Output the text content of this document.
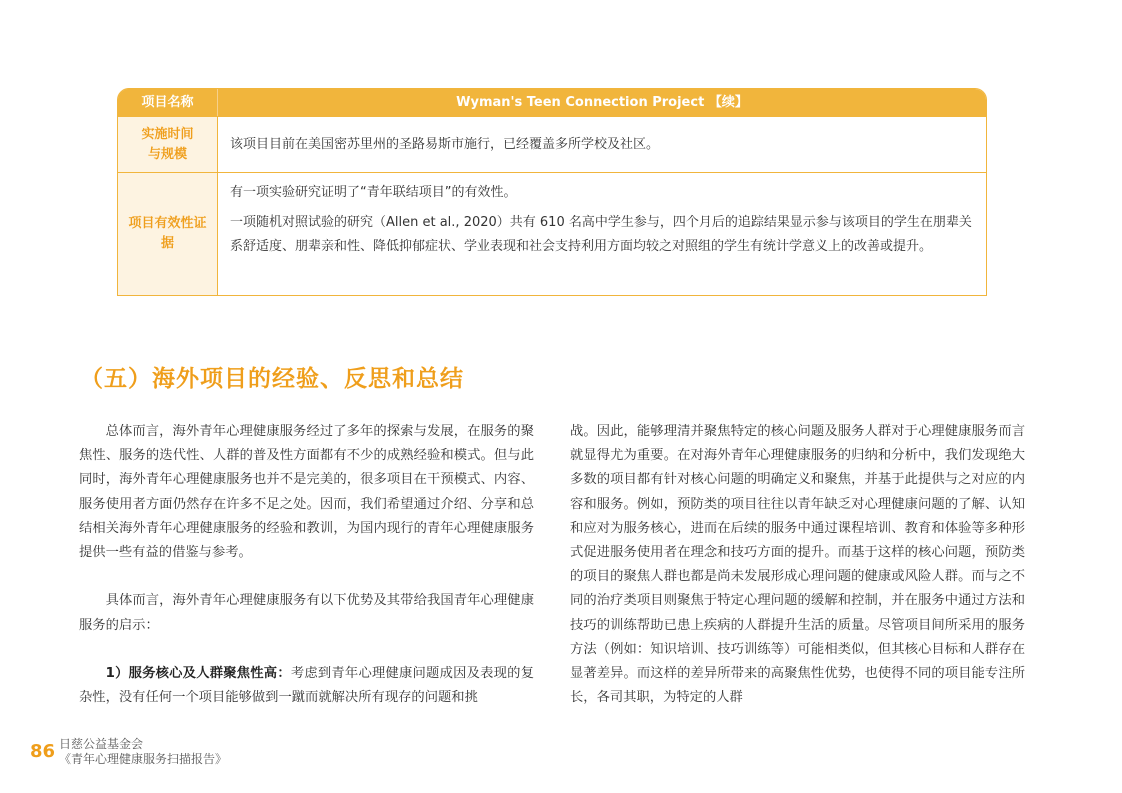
项目名称	Wyman's Teen Connection Project 【续】
实施时间与规模
该项目目前在美国密苏里州的圣路易斯市施行，已经覆盖多所学校及社区。
项目有效性证据

有一项实验研究证明了“青年联结项目”的有效性。

一项随机对照试验的研究（Allen et al., 2020）共有 610 名高中学生参与，四个月后的追踪结果显示参与该项目的学生在朋辈关系舒适度、朋辈亲和性、降低抑郁症状、学业表现和社会支持利用方面均较之对照组的学生有统计学意义上的改善或提升。

（五）海外项目的经验、反思和总结

总体而言，海外青年心理健康服务经过了多年的探索与发展，在服务的聚焦性、服务的迭代性、人群的普及性方面都有不少的成熟经验和模式。但与此同时，海外青年心理健康服务也并不是完美的，很多项目在干预模式、内容、服务使用者方面仍然存在许多不足之处。因而，我们希望通过介绍、分享和总结相关海外青年心理健康服务的经验和教训，为国内现行的青年心理健康服务提供一些有益的借鉴与参考。

具体而言，海外青年心理健康服务有以下优势及其带给我国青年心理健康服务的启示：

1）服务核心及人群聚焦性高：考虑到青年心理健康问题成因及表现的复杂性，没有任何一个项目能够做到一蹴而就解决所有现存的问题和挑

战。因此，能够理清并聚焦特定的核心问题及服务人群对于心理健康服务而言就显得尤为重要。在对海外青年心理健康服务的归纳和分析中，我们发现绝大多数的项目都有针对核心问题的明确定义和聚焦，并基于此提供与之对应的内容和服务。例如，预防类的项目往往以青年缺乏对心理健康问题的了解、认知和应对为服务核心，进而在后续的服务中通过课程培训、教育和体验等多种形式促进服务使用者在理念和技巧方面的提升。而基于这样的核心问题，预防类的项目的聚焦人群也都是尚未发展形成心理问题的健康或风险人群。而与之不同的治疗类项目则聚焦于特定心理问题的缓解和控制，并在服务中通过方法和技巧的训练帮助已患上疾病的人群提升生活的质量。尽管项目间所采用的服务方法（例如：知识培训、技巧训练等）可能相类似，但其核心目标和人群存在显著差异。而这样的差异所带来的高聚焦性优势，也使得不同的项目能专注所长，各司其职，为特定的人群

86 日慈公益基金会
《青年心理健康服务扫描报告》
